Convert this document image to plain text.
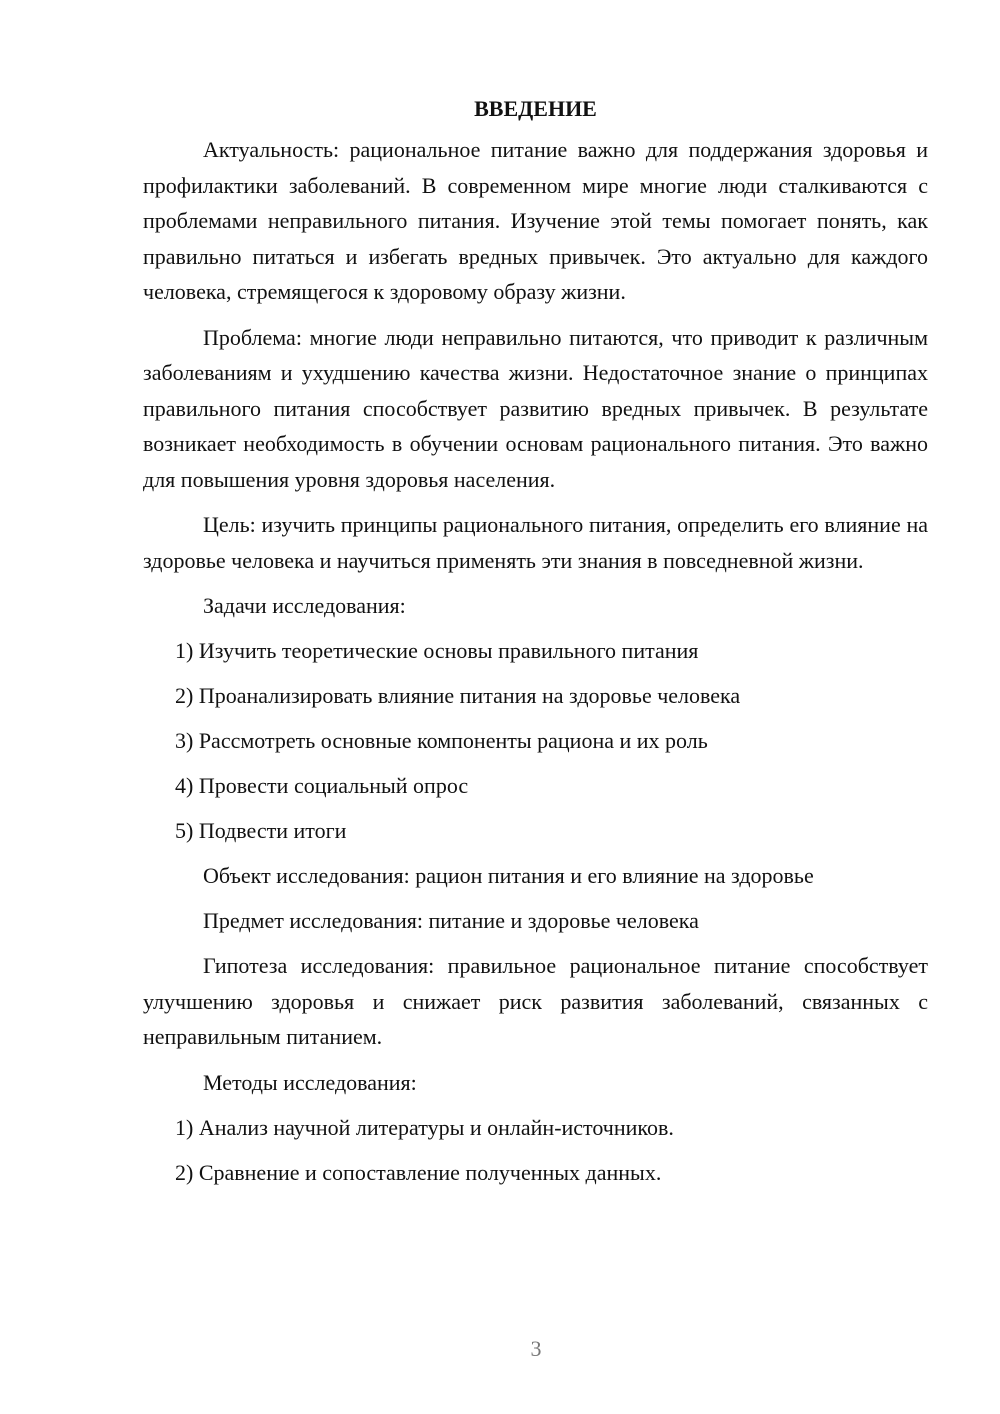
ВВЕДЕНИЕ

Актуальность: рациональное питание важно для поддержания здоровья и профилактики заболеваний. В современном мире многие люди сталкиваются с проблемами неправильного питания. Изучение этой темы помогает понять, как правильно питаться и избегать вредных привычек. Это актуально для каждого человека, стремящегося к здоровому образу жизни.

Проблема: многие люди неправильно питаются, что приводит к различным заболеваниям и ухудшению качества жизни. Недостаточное знание о принципах правильного питания способствует развитию вредных привычек. В результате возникает необходимость в обучении основам рационального питания. Это важно для повышения уровня здоровья населения.

Цель: изучить принципы рационального питания, определить его влияние на здоровье человека и научиться применять эти знания в повседневной жизни.

Задачи исследования:
1) Изучить теоретические основы правильного питания
2) Проанализировать влияние питания на здоровье человека
3) Рассмотреть основные компоненты рациона и их роль
4) Провести социальный опрос
5) Подвести итоги
Объект исследования: рацион питания и его влияние на здоровье
Предмет исследования: питание и здоровье человека

Гипотеза исследования: правильное рациональное питание способствует улучшению здоровья и снижает риск развития заболеваний, связанных с неправильным питанием.

Методы исследования:
1) Анализ научной литературы и онлайн-источников.
2) Сравнение и сопоставление полученных данных.
3
